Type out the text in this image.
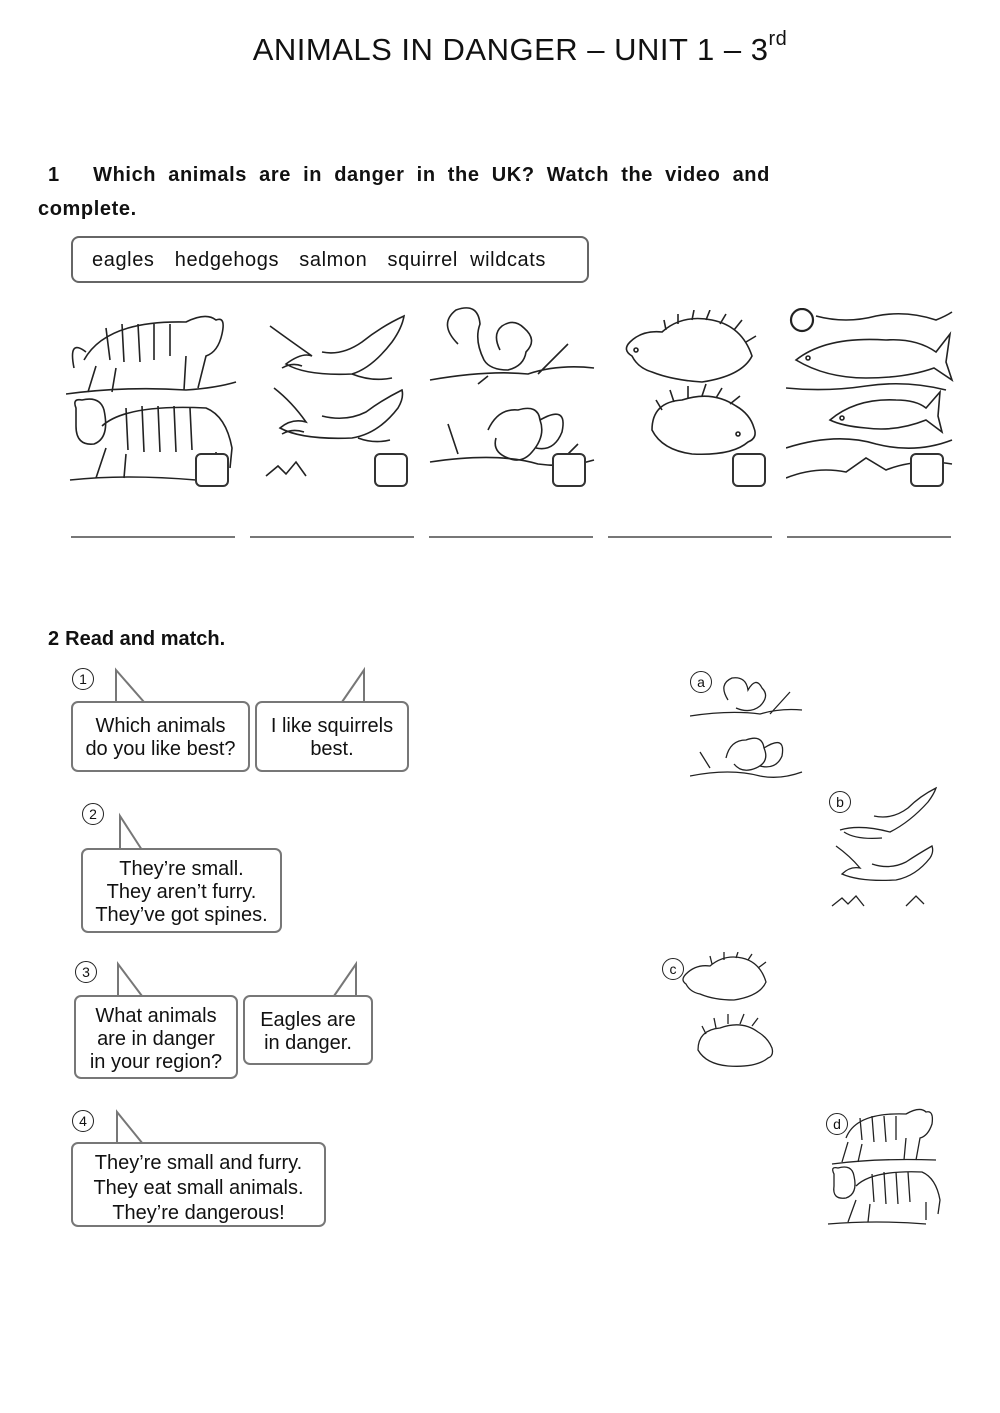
ANIMALS IN DANGER – UNIT 1 – 3rd
1 Which animals are in danger in the UK? Watch the video and
complete.
eagles hedgehogs salmon squirrel wildcats
2 Read and match.
1
Which animals
do you like best?
I like squirrels
best.
2
They’re small.
They aren’t furry.
They’ve got spines.
3
What animals
are in danger
in your region?
Eagles are
in danger.
4
They’re small and furry.
They eat small animals.
They’re dangerous!
a
b
c
d
